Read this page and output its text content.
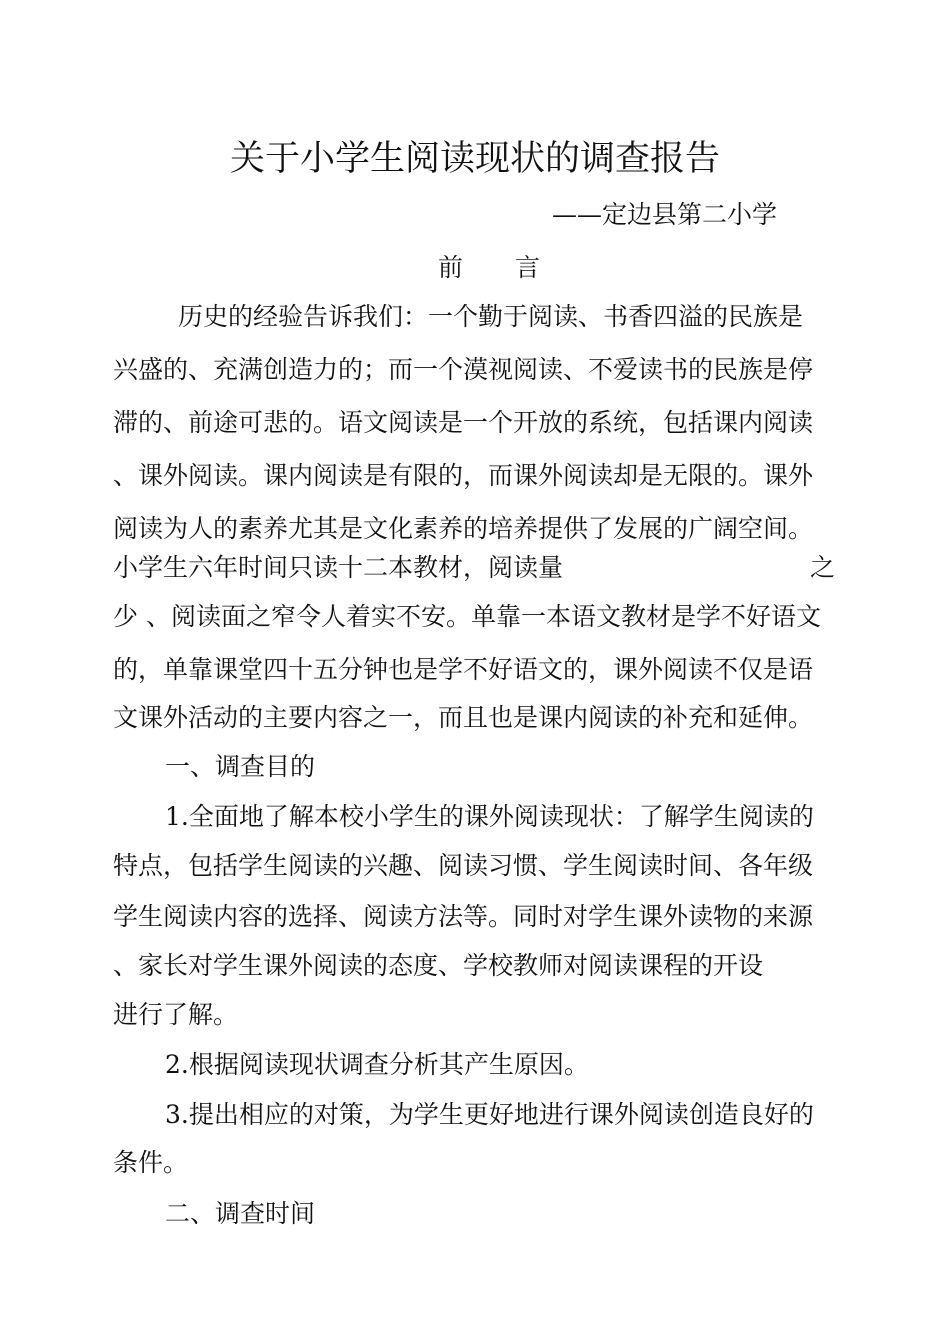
关于小学生阅读现状的调查报告
——定边县第二小学
前 言
历史的经验告诉我们：一个勤于阅读、书香四溢的民族是
兴盛的、充满创造力的；而一个漠视阅读、不爱读书的民族是停
滞的、前途可悲的。语文阅读是一个开放的系统，包括课内阅读
、课外阅读。课内阅读是有限的，而课外阅读却是无限的。课外
阅读为人的素养尤其是文化素养的培养提供了发展的广阔空间。
小学生六年时间只读十二本教材，阅读量	之
少 、阅读面之窄令人着实不安。单靠一本语文教材是学不好语文
的，单靠课堂四十五分钟也是学不好语文的，课外阅读不仅是语
文课外活动的主要内容之一，而且也是课内阅读的补充和延伸。
一、调查目的
1.全面地了解本校小学生的课外阅读现状：了解学生阅读的
特点，包括学生阅读的兴趣、阅读习惯、学生阅读时间、各年级
学生阅读内容的选择、阅读方法等。同时对学生课外读物的来源
、家长对学生课外阅读的态度、学校教师对阅读课程的开设
进行了解。
2.根据阅读现状调查分析其产生原因。
3.提出相应的对策，为学生更好地进行课外阅读创造良好的
条件。
二、调查时间
